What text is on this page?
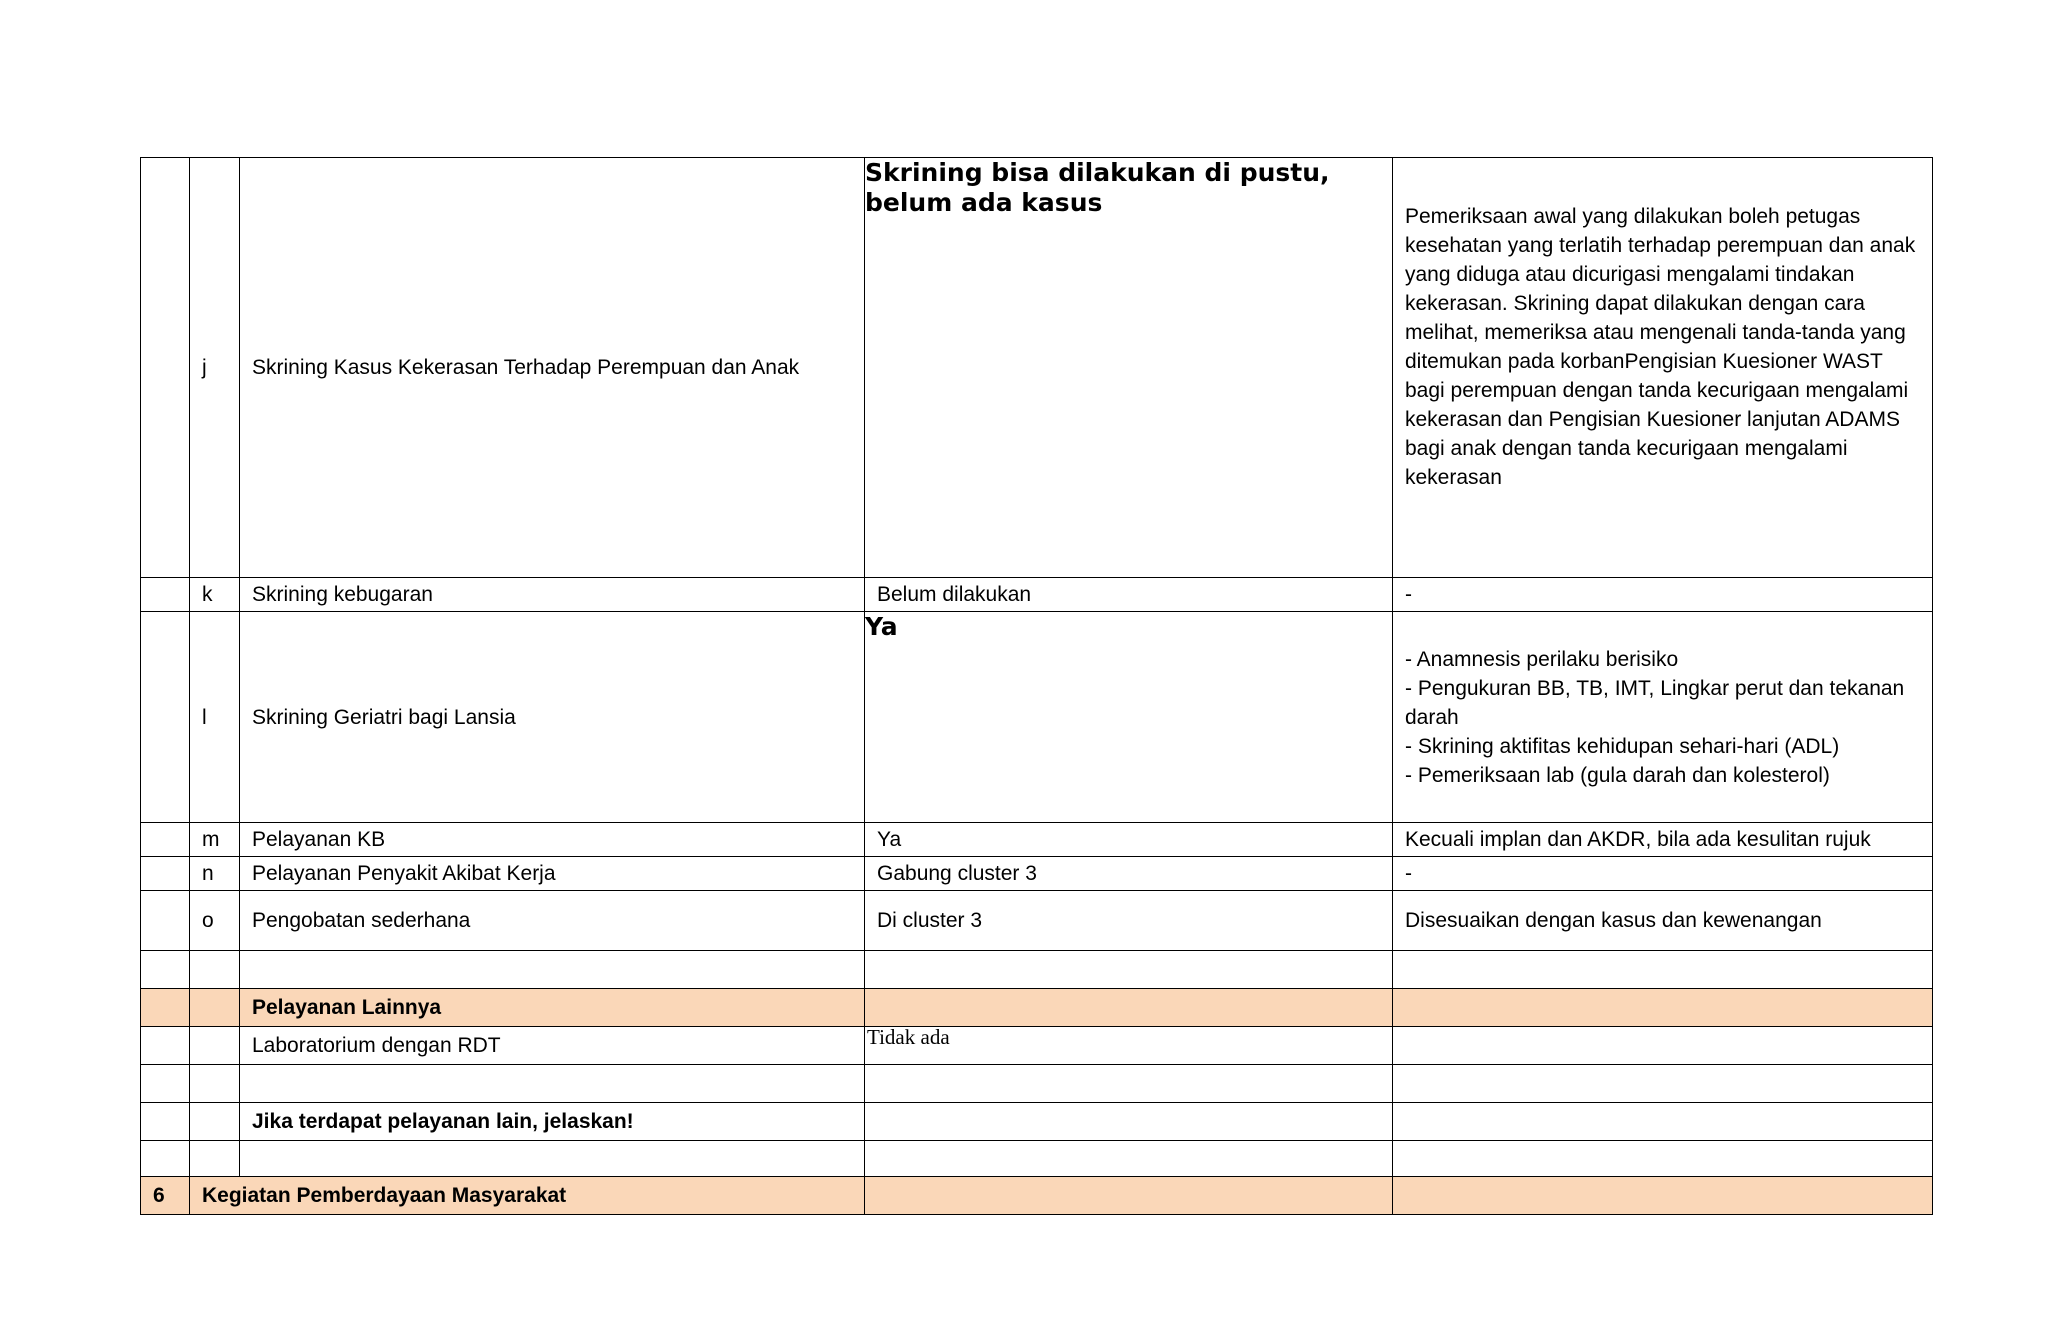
	j	Skrining Kasus Kekerasan Terhadap Perempuan dan Anak	Skrining bisa dilakukan di pustu, belum ada kasus	Pemeriksaan awal yang dilakukan boleh petugas kesehatan yang terlatih terhadap perempuan dan anak yang diduga atau dicurigasi mengalami tindakan kekerasan. Skrining dapat dilakukan dengan cara melihat, memeriksa atau mengenali tanda-tanda yang ditemukan pada korbanPengisian Kuesioner WAST bagi perempuan dengan tanda kecurigaan mengalami kekerasan dan Pengisian Kuesioner lanjutan ADAMS bagi anak dengan tanda kecurigaan mengalami kekerasan
	k	Skrining kebugaran	Belum dilakukan	-
	l	Skrining Geriatri bagi Lansia	Ya	- Anamnesis perilaku berisiko
- Pengukuran BB, TB, IMT, Lingkar perut dan tekanan darah
- Skrining aktifitas kehidupan sehari-hari (ADL)
- Pemeriksaan lab (gula darah dan kolesterol)

	m	Pelayanan KB	Ya	Kecuali implan dan AKDR, bila ada kesulitan rujuk
	n	Pelayanan Penyakit Akibat Kerja	Gabung cluster 3	-
	o	Pengobatan sederhana	Di cluster 3	Disesuaikan dengan kasus dan kewenangan

		Pelayanan Lainnya		
		Laboratorium dengan RDT	Tidak ada	

		Jika terdapat pelayanan lain, jelaskan!		

6	Kegiatan Pemberdayaan Masyarakat			
